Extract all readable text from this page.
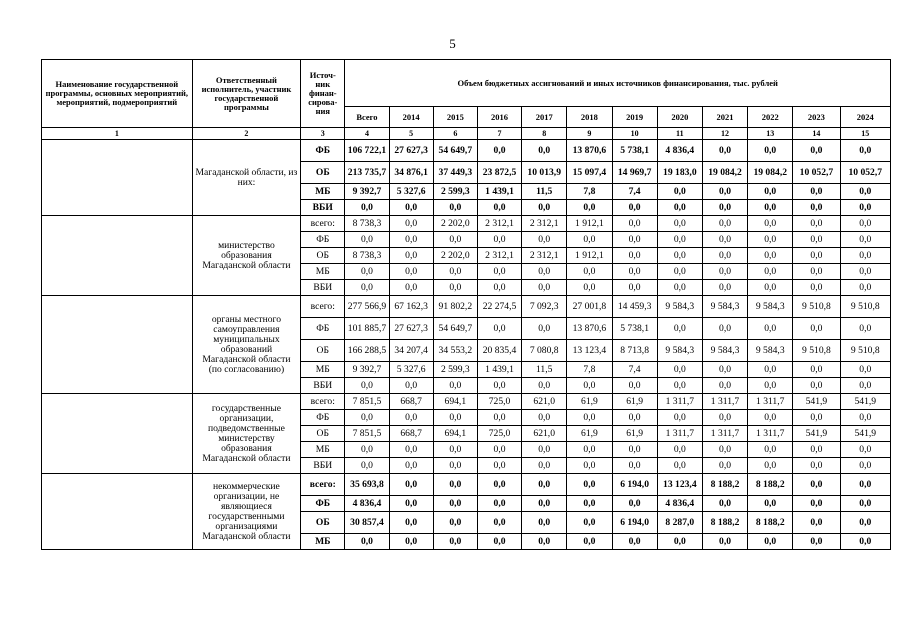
5
Наименование государственной программы, основных мероприятий, мероприятий, подмероприятий	Ответственный исполнитель, участник государственной программы	Источ-ник финан-сирова-ния	Объем бюджетных ассигнований и иных источников финансирования, тыс. рублей											
			Всего	2014	2015	2016	2017	2018	2019	2020	2021	2022	2023	2024
1	2	3	4	5	6	7	8	9	10	11	12	13	14	15
	Магаданской области, из них:	ФБ	106 722,1	27 627,3	54 649,7	0,0	0,0	13 870,6	5 738,1	4 836,4	0,0	0,0	0,0	0,0
		ОБ	213 735,7	34 876,1	37 449,3	23 872,5	10 013,9	15 097,4	14 969,7	19 183,0	19 084,2	19 084,2	10 052,7	10 052,7
		МБ	9 392,7	5 327,6	2 599,3	1 439,1	11,5	7,8	7,4	0,0	0,0	0,0	0,0	0,0
		ВБИ	0,0	0,0	0,0	0,0	0,0	0,0	0,0	0,0	0,0	0,0	0,0	0,0
	министерство образования Магаданской области	всего:	8 738,3	0,0	2 202,0	2 312,1	2 312,1	1 912,1	0,0	0,0	0,0	0,0	0,0	0,0
		ФБ	0,0	0,0	0,0	0,0	0,0	0,0	0,0	0,0	0,0	0,0	0,0	0,0
		ОБ	8 738,3	0,0	2 202,0	2 312,1	2 312,1	1 912,1	0,0	0,0	0,0	0,0	0,0	0,0
		МБ	0,0	0,0	0,0	0,0	0,0	0,0	0,0	0,0	0,0	0,0	0,0	0,0
		ВБИ	0,0	0,0	0,0	0,0	0,0	0,0	0,0	0,0	0,0	0,0	0,0	0,0
	органы местного самоуправления муниципальных образований Магаданской области (по согласованию)	всего:	277 566,9	67 162,3	91 802,2	22 274,5	7 092,3	27 001,8	14 459,3	9 584,3	9 584,3	9 584,3	9 510,8	9 510,8
		ФБ	101 885,7	27 627,3	54 649,7	0,0	0,0	13 870,6	5 738,1	0,0	0,0	0,0	0,0	0,0
		ОБ	166 288,5	34 207,4	34 553,2	20 835,4	7 080,8	13 123,4	8 713,8	9 584,3	9 584,3	9 584,3	9 510,8	9 510,8
		МБ	9 392,7	5 327,6	2 599,3	1 439,1	11,5	7,8	7,4	0,0	0,0	0,0	0,0	0,0
		ВБИ	0,0	0,0	0,0	0,0	0,0	0,0	0,0	0,0	0,0	0,0	0,0	0,0
	государственные организации, подведомственные министерству образования Магаданской области	всего:	7 851,5	668,7	694,1	725,0	621,0	61,9	61,9	1 311,7	1 311,7	1 311,7	541,9	541,9
		ФБ	0,0	0,0	0,0	0,0	0,0	0,0	0,0	0,0	0,0	0,0	0,0	0,0
		ОБ	7 851,5	668,7	694,1	725,0	621,0	61,9	61,9	1 311,7	1 311,7	1 311,7	541,9	541,9
		МБ	0,0	0,0	0,0	0,0	0,0	0,0	0,0	0,0	0,0	0,0	0,0	0,0
		ВБИ	0,0	0,0	0,0	0,0	0,0	0,0	0,0	0,0	0,0	0,0	0,0	0,0
	некоммерческие организации, не являющиеся государственными организациями Магаданской области	всего:	35 693,8	0,0	0,0	0,0	0,0	0,0	6 194,0	13 123,4	8 188,2	8 188,2	0,0	0,0
		ФБ	4 836,4	0,0	0,0	0,0	0,0	0,0	0,0	4 836,4	0,0	0,0	0,0	0,0
		ОБ	30 857,4	0,0	0,0	0,0	0,0	0,0	6 194,0	8 287,0	8 188,2	8 188,2	0,0	0,0
		МБ	0,0	0,0	0,0	0,0	0,0	0,0	0,0	0,0	0,0	0,0	0,0	0,0
